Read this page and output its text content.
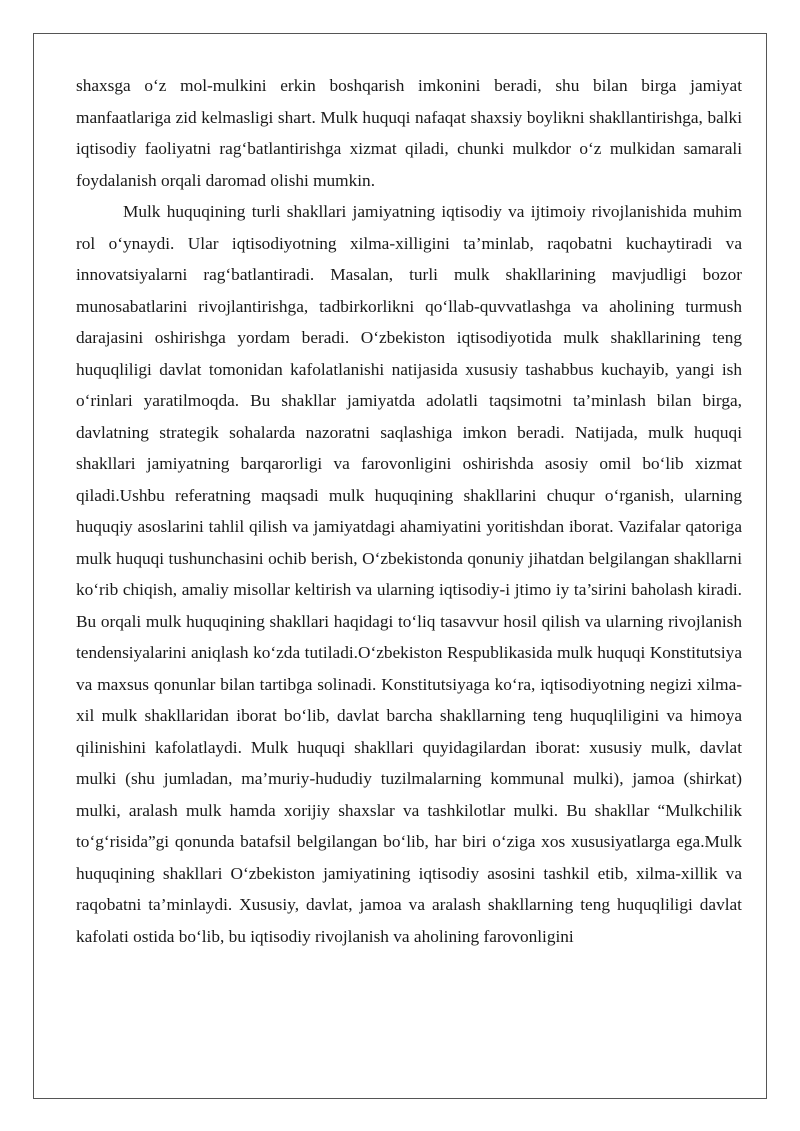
shaxsga o‘z mol-mulkini erkin boshqarish imkonini beradi, shu bilan birga jamiyat manfaatlariga zid kelmasligi shart. Mulk huquqi nafaqat shaxsiy boylikni shakllantirishga, balki iqtisodiy faoliyatni rag‘batlantirishga xizmat qiladi, chunki mulkdor o‘z mulkidan samarali foydalanish orqali daromad olishi mumkin.

Mulk huquqining turli shakllari jamiyatning iqtisodiy va ijtimoiy rivojlanishida muhim rol o‘ynaydi. Ular iqtisodiyotning xilma-xilligini ta’minlab, raqobatni kuchaytiradi va innovatsiyalarni rag‘batlantiradi. Masalan, turli mulk shakllarining mavjudligi bozor munosabatlarini rivojlantirishga, tadbirkorlikni qo‘llab-quvvatlashga va aholining turmush darajasini oshirishga yordam beradi. O‘zbekiston iqtisodiyotida mulk shakllarining teng huquqliligi davlat tomonidan kafolatlanishi natijasida xususiy tashabbus kuchayib, yangi ish o‘rinlari yaratilmoqda. Bu shakllar jamiyatda adolatli taqsimotni ta’minlash bilan birga, davlatning strategik sohalarda nazoratni saqlashiga imkon beradi. Natijada, mulk huquqi shakllari jamiyatning barqarorligi va farovonligini oshirishda asosiy omil bo‘lib xizmat qiladi.Ushbu referatning maqsadi mulk huquqining shakllarini chuqur o‘rganish, ularning huquqiy asoslarini tahlil qilish va jamiyatdagi ahamiyatini yoritishdan iborat. Vazifalar qatoriga mulk huquqi tushunchasini ochib berish, O‘zbekistonda qonuniy jihatdan belgilangan shakllarni ko‘rib chiqish, amaliy misollar keltirish va ularning iqtisodiy-i jtimo iy ta’sirini baholash kiradi. Bu orqali mulk huquqining shakllari haqidagi to‘liq tasavvur hosil qilish va ularning rivojlanish tendensiyalarini aniqlash ko‘zda tutiladi.O‘zbekiston Respublikasida mulk huquqi Konstitutsiya va maxsus qonunlar bilan tartibga solinadi. Konstitutsiyaga ko‘ra, iqtisodiyotning negizi xilma-xil mulk shakllaridan iborat bo‘lib, davlat barcha shakllarning teng huquqliligini va himoya qilinishini kafolatlaydi. Mulk huquqi shakllari quyidagilardan iborat: xususiy mulk, davlat mulki (shu jumladan, ma’muriy-hududiy tuzilmalarning kommunal mulki), jamoa (shirkat) mulki, aralash mulk hamda xorijiy shaxslar va tashkilotlar mulki. Bu shakllar “Mulkchilik to‘g‘risida”gi qonunda batafsil belgilangan bo‘lib, har biri o‘ziga xos xususiyatlarga ega.Mulk huquqining shakllari O‘zbekiston jamiyatining iqtisodiy asosini tashkil etib, xilma-xillik va raqobatni ta’minlaydi. Xususiy, davlat, jamoa va aralash shakllarning teng huquqliligi davlat kafolati ostida bo‘lib, bu iqtisodiy rivojlanish va aholining farovonligini
